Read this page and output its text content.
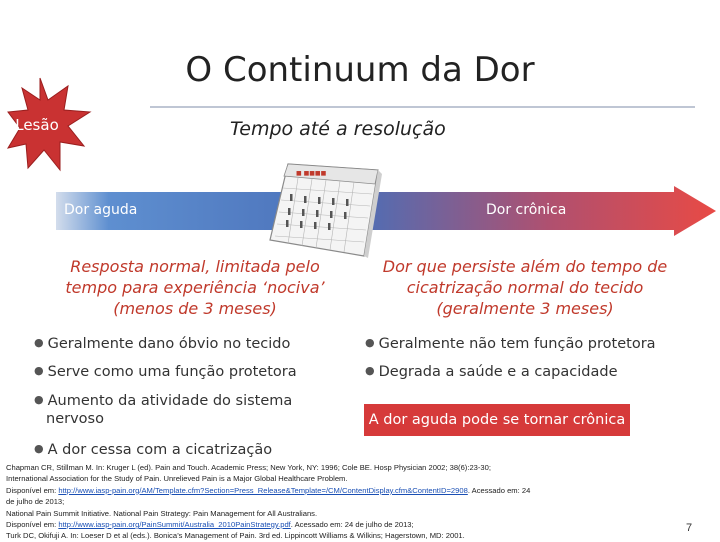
O Continuum da Dor
Lesão	Tempo até a resolução
Dor aguda	Dor crônica
■ ■■■■
Resposta normal, limitada pelo
tempo para experiência ‘nociva’
(menos de 3 meses)
Dor que persiste além do tempo de
cicatrização normal do tecido
(geralmente 3 meses)
● Geralmente dano óbvio no tecido
● Serve como uma função protetora
● Aumento da atividade do sistema
nervoso
● A dor cessa com a cicatrização
● Geralmente não tem função protetora
● Degrada a saúde e a capacidade
A dor aguda pode se tornar crônica
Chapman CR, Stillman M. In: Kruger L (ed). Pain and Touch. Academic Press; New York, NY: 1996; Cole BE. Hosp Physician 2002; 38(6):23-30;
International Association for the Study of Pain. Unrelieved Pain is a Major Global Healthcare Problem.
Disponível em: http://www.iasp-pain.org/AM/Template.cfm?Section=Press_Release&Template=/CM/ContentDisplay.cfm&ContentID=2908. Acessado em: 24
de julho de 2013;
National Pain Summit Initiative. National Pain Strategy: Pain Management for All Australians.
Disponível em: http://www.iasp-pain.org/PainSummit/Australia_2010PainStrategy.pdf. Acessado em: 24 de julho de 2013;
Turk DC, Okifuji A. In: Loeser D et al (eds.). Bonica’s Management of Pain. 3rd ed. Lippincott Williams & Wilkins; Hagerstown, MD: 2001.
7
